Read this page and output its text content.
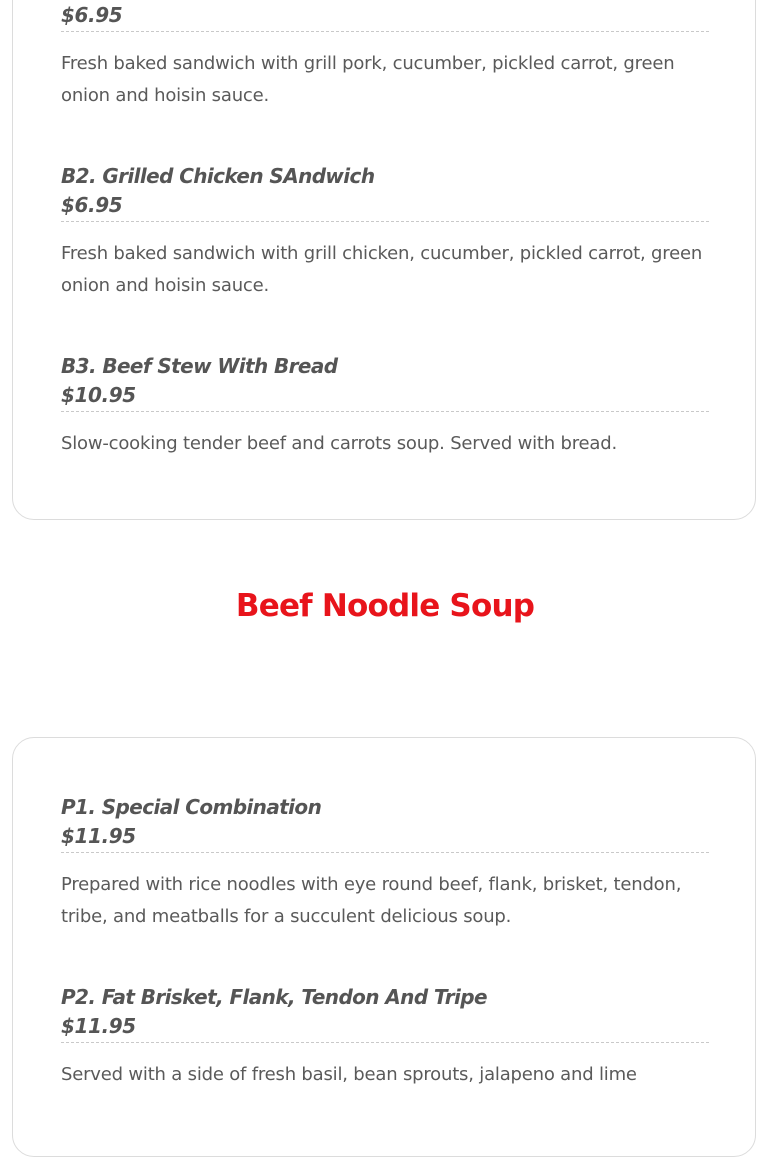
$6.95
Fresh baked sandwich with grill pork, cucumber, pickled carrot, green onion and hoisin sauce.
B2. Grilled Chicken SAndwich
$6.95
Fresh baked sandwich with grill chicken, cucumber, pickled carrot, green onion and hoisin sauce.
B3. Beef Stew With Bread
$10.95
Slow-cooking tender beef and carrots soup. Served with bread.
Beef Noodle Soup
P1. Special Combination
$11.95
Prepared with rice noodles with eye round beef, flank, brisket, tendon, tribe, and meatballs for a succulent delicious soup.
P2. Fat Brisket, Flank, Tendon And Tripe
$11.95
Served with a side of fresh basil, bean sprouts, jalapeno and lime
